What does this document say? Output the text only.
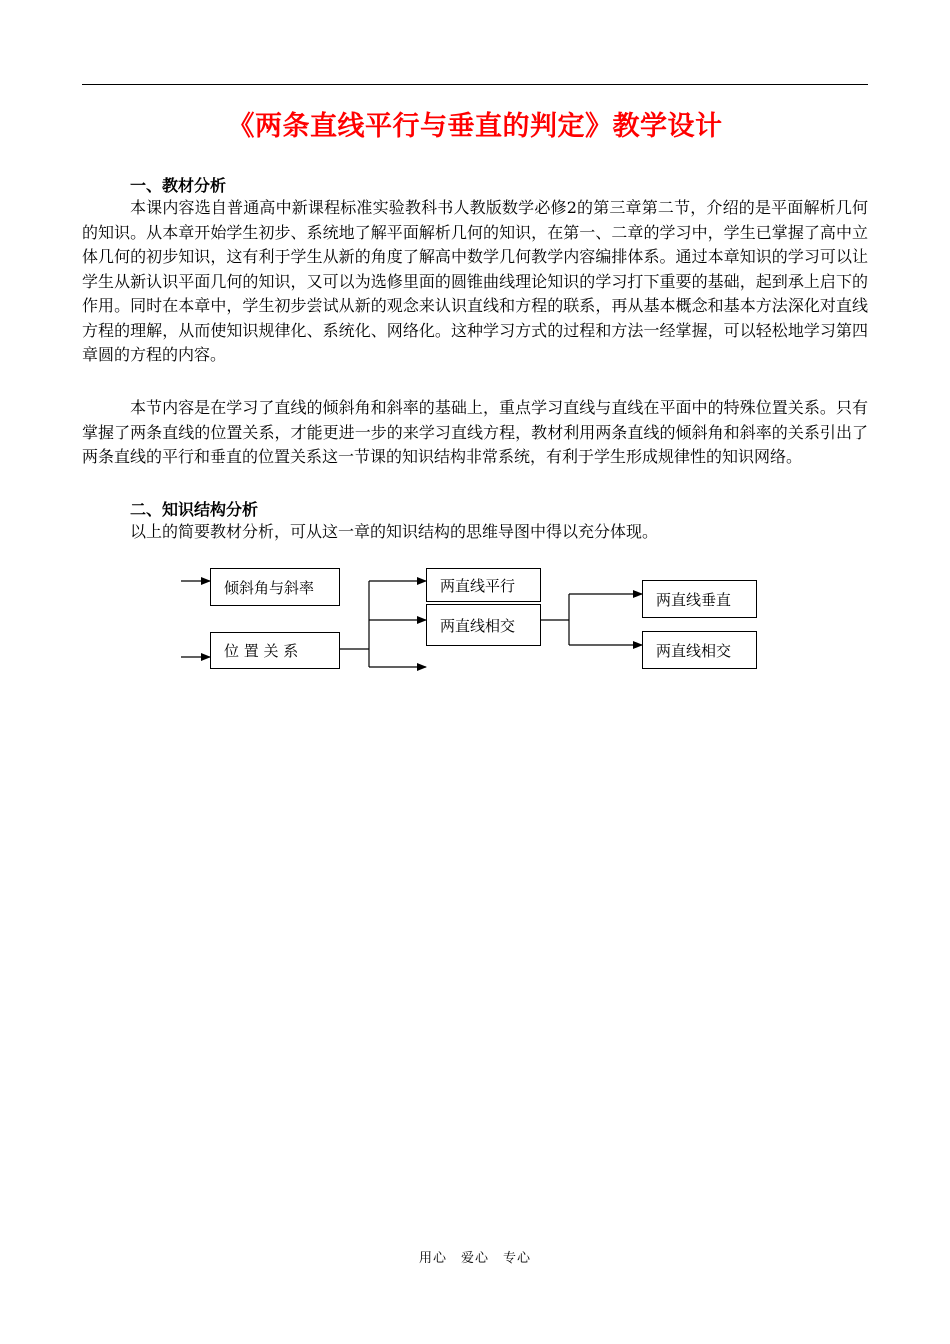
《两条直线平行与垂直的判定》教学设计
一、教材分析

本课内容选自普通高中新课程标准实验教科书人教版数学必修2的第三章第二节，介绍的是平面解析几何的知识。从本章开始学生初步、系统地了解平面解析几何的知识，在第一、二章的学习中，学生已掌握了高中立体几何的初步知识，这有利于学生从新的角度了解高中数学几何教学内容编排体系。通过本章知识的学习可以让学生从新认识平面几何的知识，又可以为选修里面的圆锥曲线理论知识的学习打下重要的基础，起到承上启下的作用。同时在本章中，学生初步尝试从新的观念来认识直线和方程的联系，再从基本概念和基本方法深化对直线方程的理解，从而使知识规律化、系统化、网络化。这种学习方式的过程和方法一经掌握，可以轻松地学习第四章圆的方程的内容。

本节内容是在学习了直线的倾斜角和斜率的基础上，重点学习直线与直线在平面中的特殊位置关系。只有掌握了两条直线的位置关系，才能更进一步的来学习直线方程，教材利用两条直线的倾斜角和斜率的关系引出了两条直线的平行和垂直的位置关系这一节课的知识结构非常系统，有利于学生形成规律性的知识网络。

二、知识结构分析

以上的简要教材分析，可从这一章的知识结构的思维导图中得以充分体现。

倾斜角与斜率
位 置 关 系
两直线平行
两直线相交
两直线垂直
两直线相交
用心　爱心　专心
